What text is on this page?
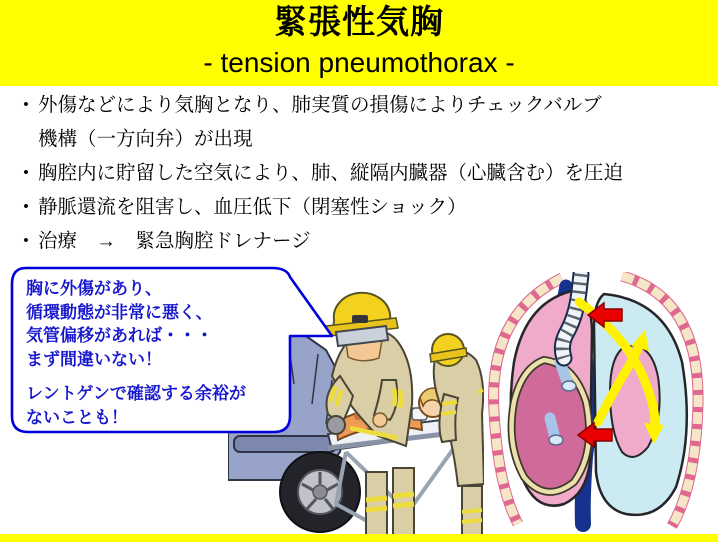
緊張性気胸
- tension pneumothorax -
• 外傷などにより気胸となり、肺実質の損傷によりチェックバルブ
機構（一方向弁）が出現
• 胸腔内に貯留した空気により、肺、縦隔内臓器（心臓含む）を圧迫
• 静脈還流を阻害し、血圧低下（閉塞性ショック）
• 治療　→　緊急胸腔ドレナージ
胸に外傷があり、
循環動態が非常に悪く、
気管偏移があれば・・・
まず間違いない！
レントゲンで確認する余裕が
ないことも！
